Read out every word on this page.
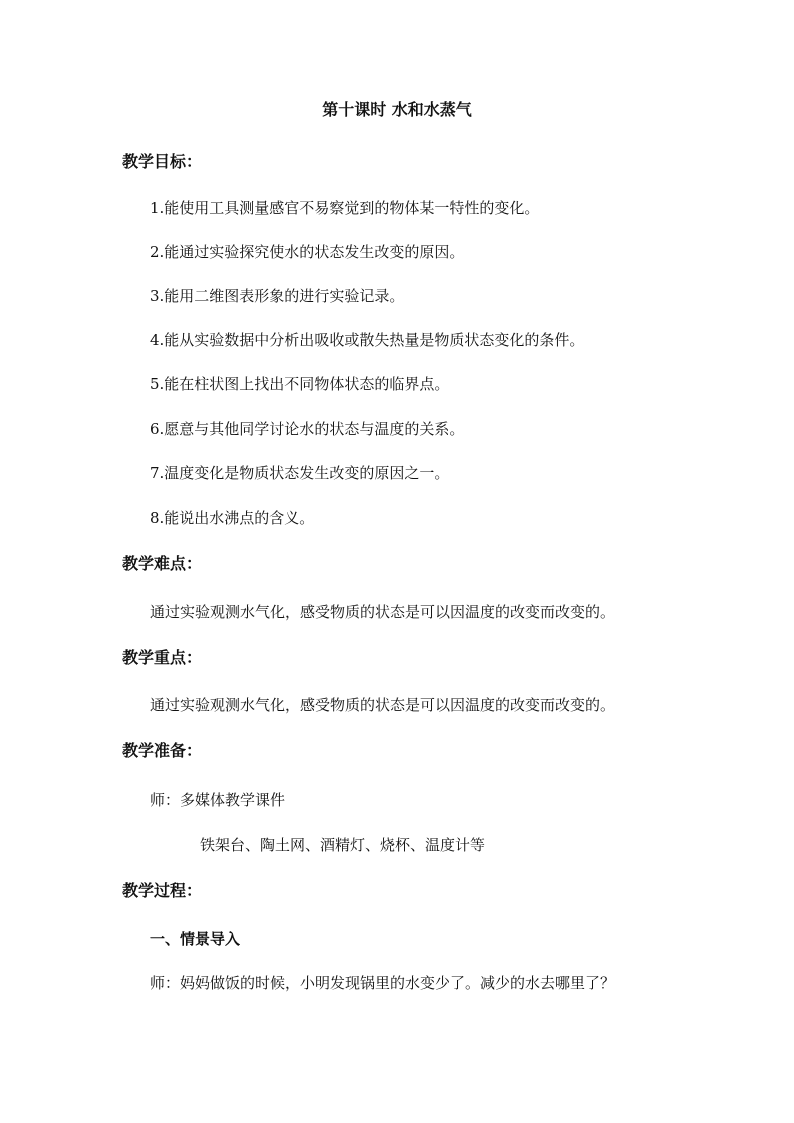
第十课时 水和水蒸气
教学目标：
1.能使用工具测量感官不易察觉到的物体某一特性的变化。
2.能通过实验探究使水的状态发生改变的原因。
3.能用二维图表形象的进行实验记录。
4.能从实验数据中分析出吸收或散失热量是物质状态变化的条件。
5.能在柱状图上找出不同物体状态的临界点。
6.愿意与其他同学讨论水的状态与温度的关系。
7.温度变化是物质状态发生改变的原因之一。
8.能说出水沸点的含义。
教学难点：
通过实验观测水气化，感受物质的状态是可以因温度的改变而改变的。
教学重点：
通过实验观测水气化，感受物质的状态是可以因温度的改变而改变的。
教学准备：
师：多媒体教学课件
铁架台、陶土网、酒精灯、烧杯、温度计等
教学过程：
一、情景导入
师：妈妈做饭的时候，小明发现锅里的水变少了。减少的水去哪里了？
